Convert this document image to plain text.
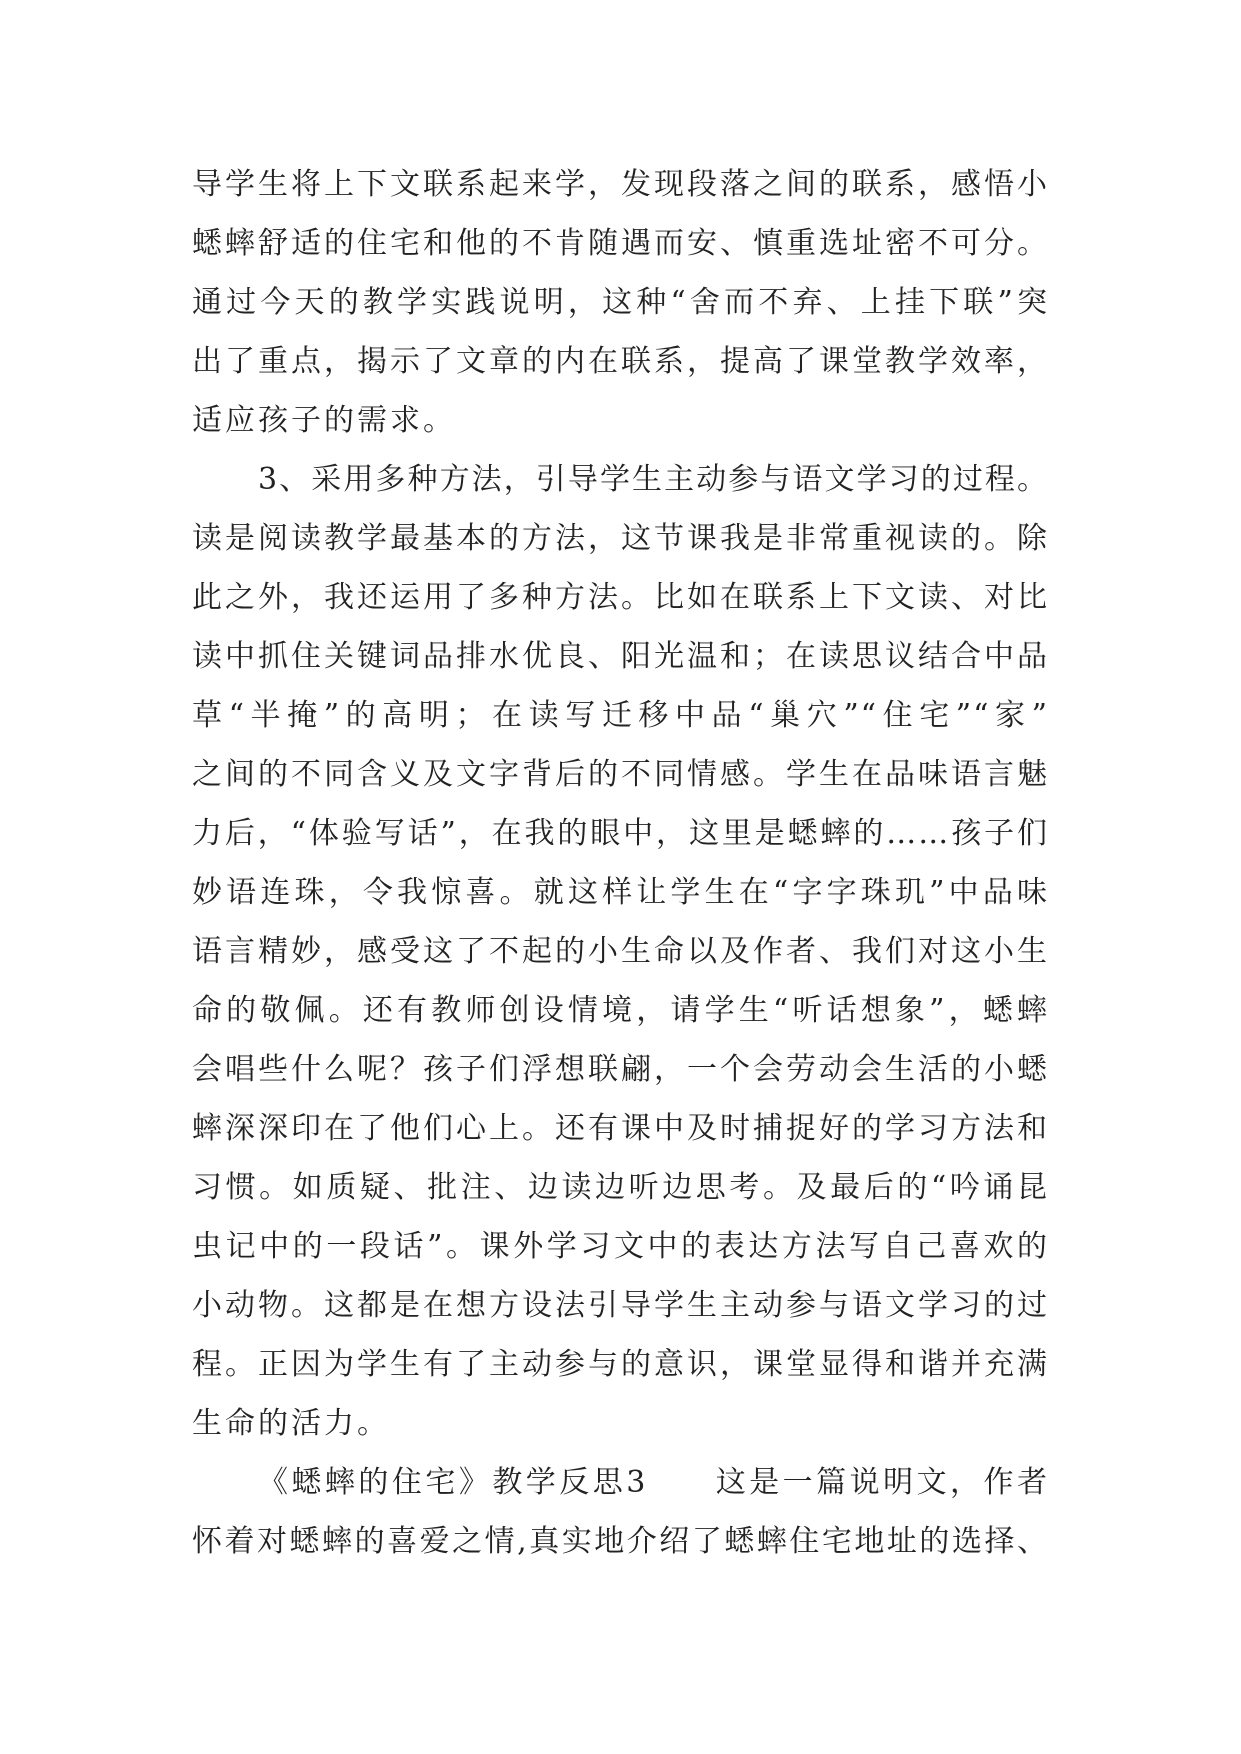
导学生将上下文联系起来学，发现段落之间的联系，感悟小
蟋蟀舒适的住宅和他的不肯随遇而安、慎重选址密不可分。
通过今天的教学实践说明，这种“舍而不弃、上挂下联”突
出了重点，揭示了文章的内在联系，提高了课堂教学效率，
适应孩子的需求。
3、采用多种方法，引导学生主动参与语文学习的过程。
读是阅读教学最基本的方法，这节课我是非常重视读的。除
此之外，我还运用了多种方法。比如在联系上下文读、对比
读中抓住关键词品排水优良、阳光温和；在读思议结合中品
草“半掩”的高明；在读写迁移中品“巢穴”“住宅”“家”
之间的不同含义及文字背后的不同情感。学生在品味语言魅
力后，“体验写话”，在我的眼中，这里是蟋蟀的……孩子们
妙语连珠，令我惊喜。就这样让学生在“字字珠玑”中品味
语言精妙，感受这了不起的小生命以及作者、我们对这小生
命的敬佩。还有教师创设情境，请学生“听话想象”，蟋蟀
会唱些什么呢？孩子们浮想联翩，一个会劳动会生活的小蟋
蟀深深印在了他们心上。还有课中及时捕捉好的学习方法和
习惯。如质疑、批注、边读边听边思考。及最后的“吟诵昆
虫记中的一段话”。课外学习文中的表达方法写自己喜欢的
小动物。这都是在想方设法引导学生主动参与语文学习的过
程。正因为学生有了主动参与的意识，课堂显得和谐并充满
生命的活力。
《蟋蟀的住宅》教学反思3　　这是一篇说明文，作者
怀着对蟋蟀的喜爱之情,真实地介绍了蟋蟀住宅地址的选择、
